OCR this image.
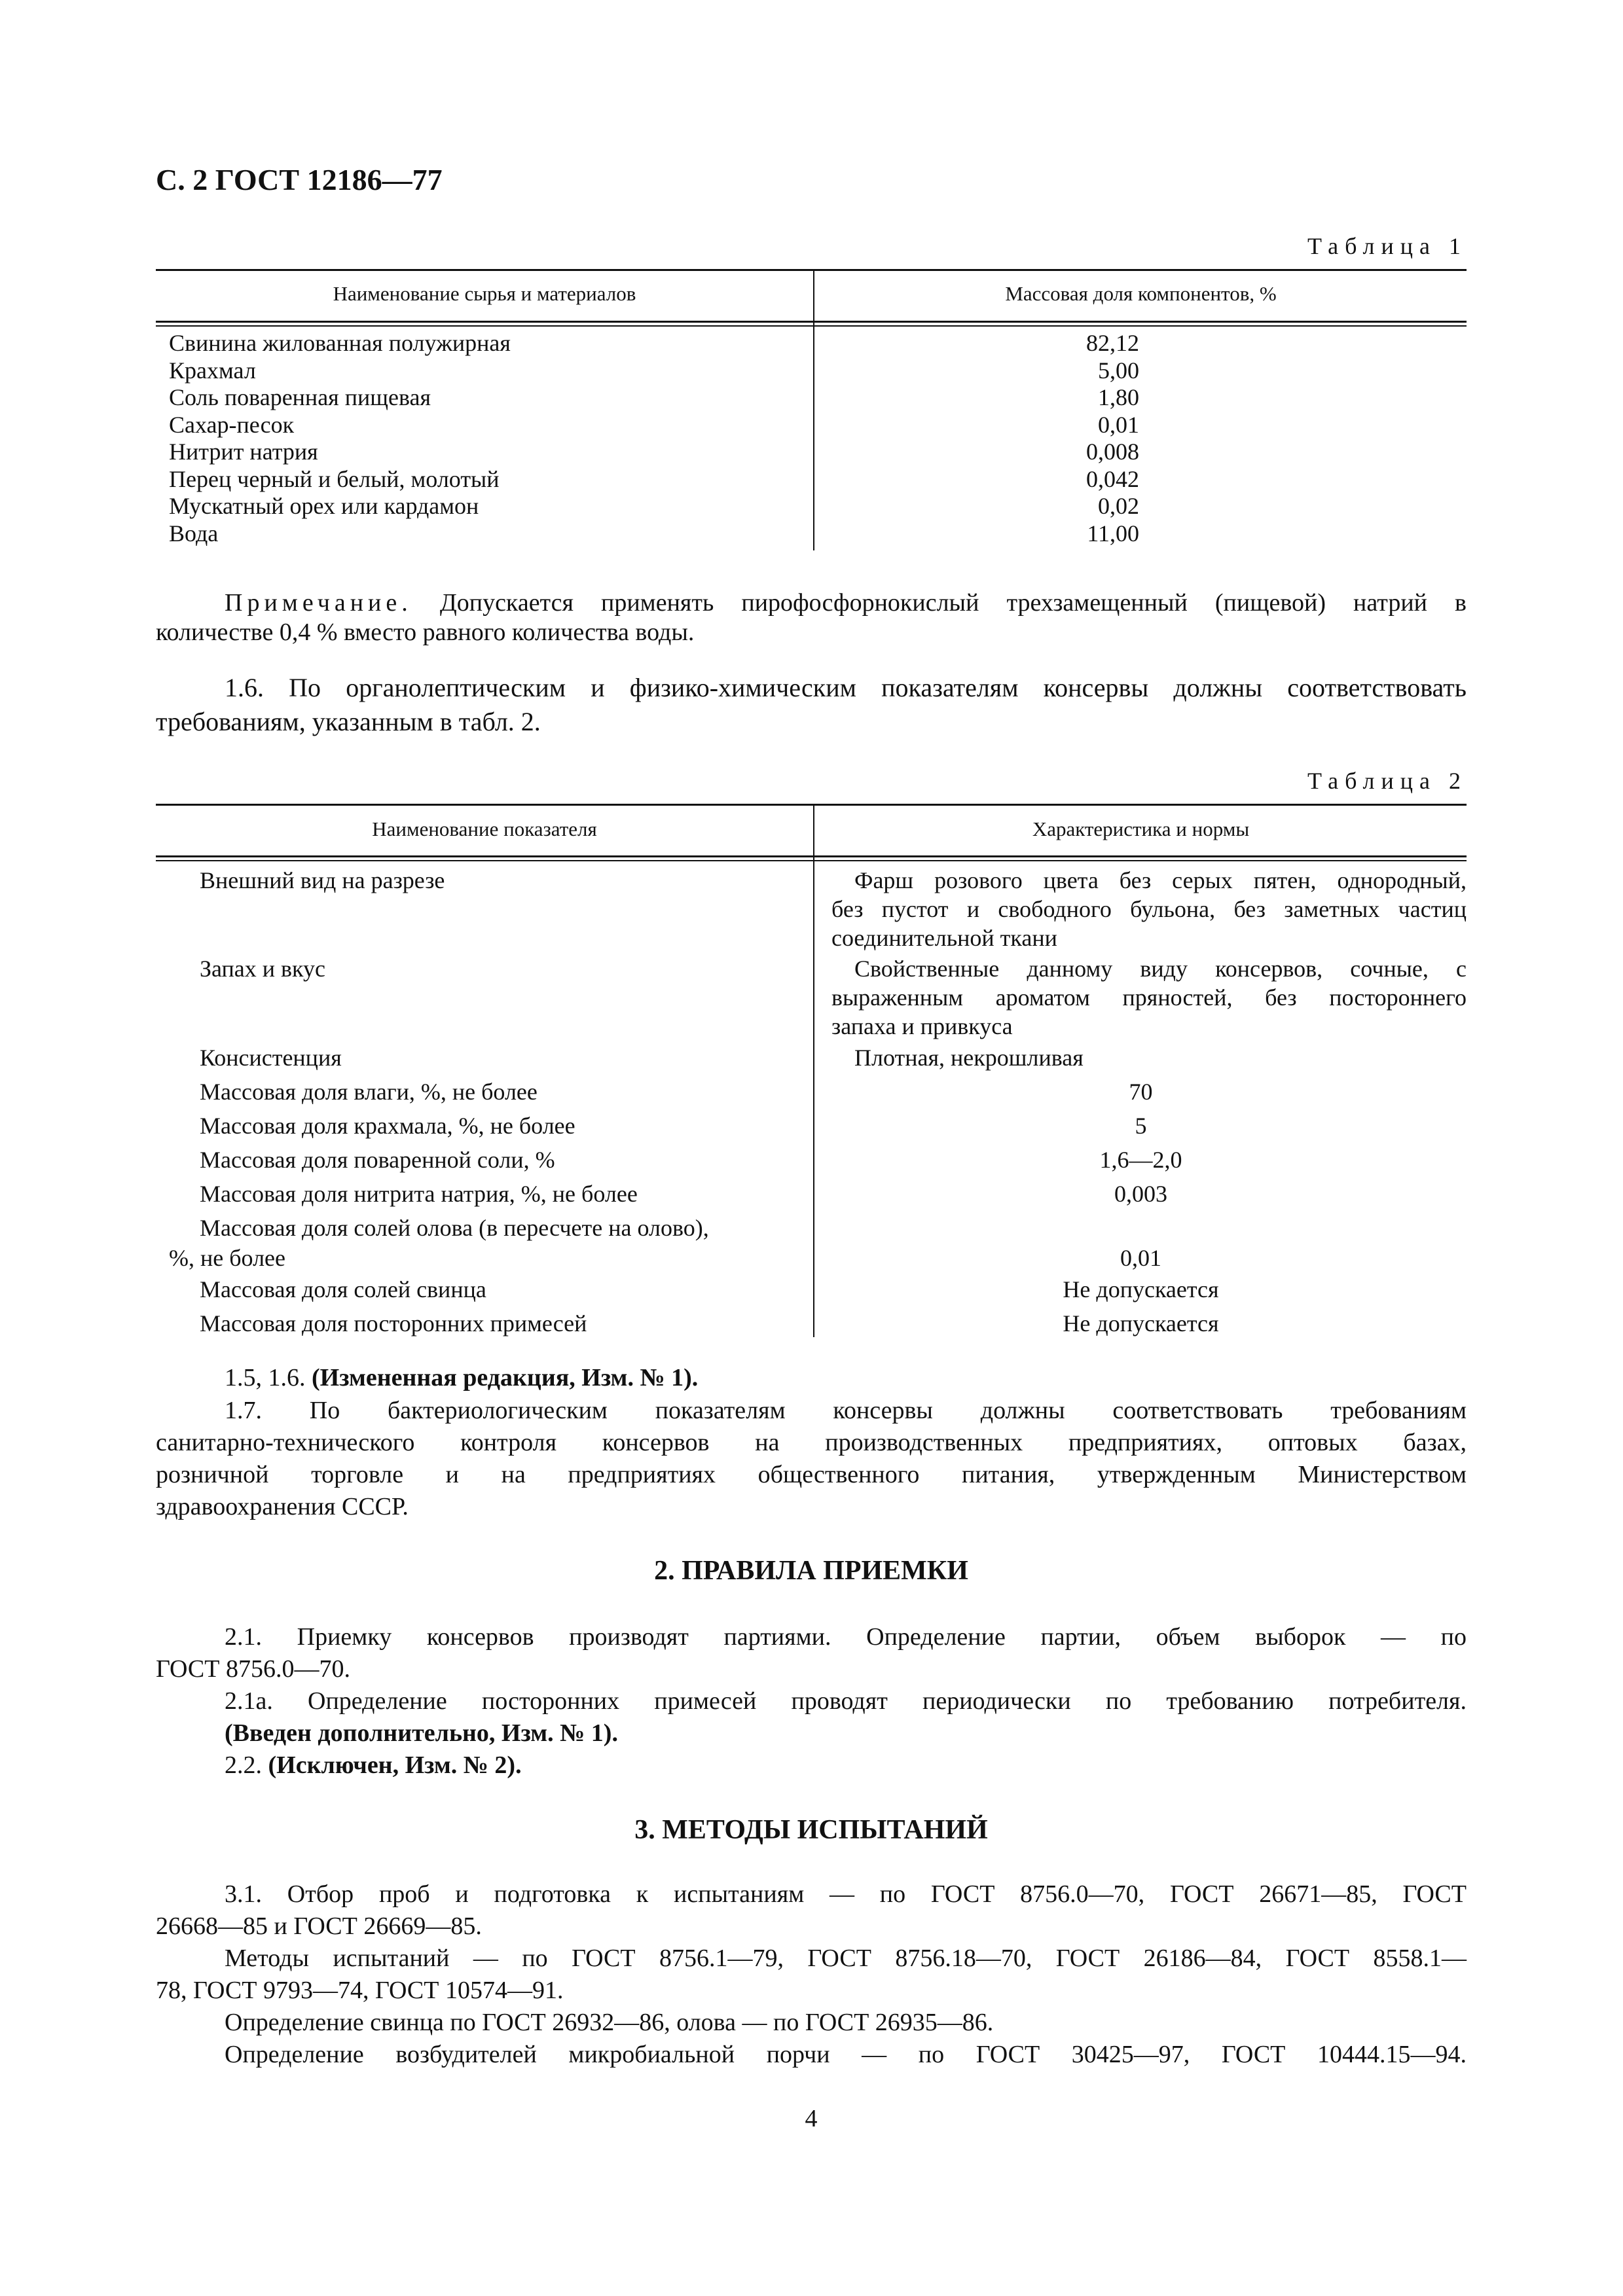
С. 2 ГОСТ 12186—77
Таблица 1
Наименование сырья и материалов	Массовая доля компонентов, %
Свинина жилованная полужирная	82,12
Крахмал	5,00
Соль поваренная пищевая	1,80
Сахар-песок	0,01
Нитрит натрия	0,008
Перец черный и белый, молотый	0,042
Мускатный орех или кардамон	0,02
Вода	11,00
Примечание. Допускается применять пирофосфорнокислый трехзамещенный (пищевой) натрий в
количестве 0,4 % вместо равного количества воды.
1.6. По органолептическим и физико-химическим показателям консервы должны соответствовать
требованиям, указанным в табл. 2.
Таблица 2
Наименование показателя	Характеристика и нормы
Внешний вид на разрезе	Фарш розового цвета без серых пятен, однородный,
без пустот и свободного бульона, без заметных частиц
соединительной ткани
Запах и вкус	Свойственные данному виду консервов, сочные, с
выраженным ароматом пряностей, без постороннего
запаха и привкуса
Консистенция	Плотная, некрошливая
Массовая доля влаги, %, не более	70
Массовая доля крахмала, %, не более	5
Массовая доля поваренной соли, %	1,6—2,0
Массовая доля нитрита натрия, %, не более	0,003
Массовая доля солей олова (в пересчете на олово),
%, не более	0,01
Массовая доля солей свинца	Не допускается
Массовая доля посторонних примесей	Не допускается
1.5, 1.6. (Измененная редакция, Изм. № 1).
1.7. По бактериологическим показателям консервы должны соответствовать требованиям
санитарно-технического контроля консервов на производственных предприятиях, оптовых базах,
розничной торговле и на предприятиях общественного питания, утвержденным Министерством
здравоохранения СССР.
2. ПРАВИЛА ПРИЕМКИ
2.1. Приемку консервов производят партиями. Определение партии, объем выборок — по
ГОСТ 8756.0—70.
2.1а. Определение посторонних примесей проводят периодически по требованию потребителя.
(Введен дополнительно, Изм. № 1).
2.2. (Исключен, Изм. № 2).
3. МЕТОДЫ ИСПЫТАНИЙ
3.1. Отбор проб и подготовка к испытаниям — по ГОСТ 8756.0—70, ГОСТ 26671—85, ГОСТ
26668—85 и ГОСТ 26669—85.
Методы испытаний — по ГОСТ 8756.1—79, ГОСТ 8756.18—70, ГОСТ 26186—84, ГОСТ 8558.1—
78, ГОСТ 9793—74, ГОСТ 10574—91.
Определение свинца по ГОСТ 26932—86, олова — по ГОСТ 26935—86.
Определение возбудителей микробиальной порчи — по ГОСТ 30425—97, ГОСТ 10444.15—94.
4
